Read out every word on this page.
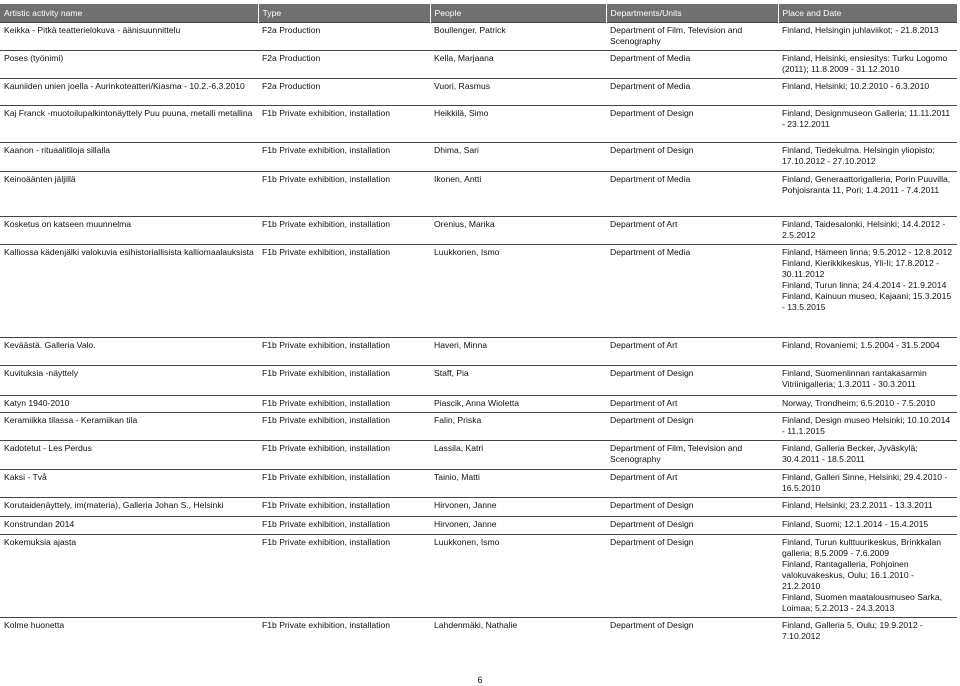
Artistic activity name	Type	People	Departments/Units	Place and Date
Keikka - Pitkä teatterielokuva - äänisuunnittelu	F2a Production	Boullenger, Patrick	Department of Film, Television and Scenography	Finland, Helsingin juhlaviikot; - 21.8.2013
Poses (työnimi)	F2a Production	Kella, Marjaana	Department of Media	Finland, Helsinki, ensiesitys: Turku Logomo (2011); 11.8.2009 - 31.12.2010
Kauniiden unien joella - Aurinkoteatteri/Kiasma - 10.2.-6.3.2010	F2a Production	Vuori, Rasmus	Department of Media	Finland, Helsinki; 10.2.2010 - 6.3.2010
Kaj Franck -muotoilupalkintonäyttely Puu puuna, metalli metallina	F1b Private exhibition, installation	Heikkilä, Simo	Department of Design	Finland, Designmuseon Galleria; 11.11.2011 - 23.12.2011
Kaanon - rituaalitiloja sillalla	F1b Private exhibition, installation	Dhima, Sari	Department of Design	Finland, Tiedekulma. Helsingin yliopisto; 17.10.2012 - 27.10.2012
Keinoäänten jäljillä	F1b Private exhibition, installation	Ikonen, Antti	Department of Media	Finland, Generaattorigalleria, Porin Puuvilla, Pohjoisranta 11, Pori; 1.4.2011 - 7.4.2011
Kosketus on katseen muunnelma	F1b Private exhibition, installation	Orenius, Marika	Department of Art	Finland, Taidesalonki, Helsinki; 14.4.2012 - 2.5.2012
Kalliossa kädenjälki valokuvia esihistoriallisista kalliomaalauksista	F1b Private exhibition, installation	Luukkonen, Ismo	Department of Media	Finland, Hämeen linna; 9.5.2012 - 12.8.2012
Finland, Kierikkikeskus, Yli-Ii; 17.8.2012 - 30.11.2012
Finland, Turun linna; 24.4.2014 - 21.9.2014
Finland, Kainuun museo, Kajaani; 15.3.2015 - 13.5.2015
Keväästä. Galleria Valo.	F1b Private exhibition, installation	Haveri, Minna	Department of Art	Finland, Rovaniemi; 1.5.2004 - 31.5.2004
Kuvituksia -näyttely	F1b Private exhibition, installation	Staff, Pia	Department of Design	Finland, Suomenlinnan rantakasarmin Vitriinigalleria; 1.3.2011 - 30.3.2011
Katyn 1940-2010	F1b Private exhibition, installation	Piascik, Anna Wioletta	Department of Art	Norway, Trondheim; 6.5.2010 - 7.5.2010
Keramiikka tilassa - Keramiikan tila	F1b Private exhibition, installation	Falin, Priska	Department of Design	Finland, Design museo Helsinki; 10.10.2014 - 11.1.2015
Kadotetut - Les Perdus	F1b Private exhibition, installation	Lassila, Katri	Department of Film, Television and Scenography	Finland, Galleria Becker, Jyväskylä; 30.4.2011 - 18.5.2011
Kaksi - Två	F1b Private exhibition, installation	Tainio, Matti	Department of Art	Finland, Galleri Sinne, Helsinki; 29.4.2010 - 16.5.2010
Korutaidenäyttely, im(materia), Galleria Johan S., Helsinki	F1b Private exhibition, installation	Hirvonen, Janne	Department of Design	Finland, Helsinki; 23.2.2011 - 13.3.2011
Konstrundan 2014	F1b Private exhibition, installation	Hirvonen, Janne	Department of Design	Finland, Suomi; 12.1.2014 - 15.4.2015
Kokemuksia ajasta	F1b Private exhibition, installation	Luukkonen, Ismo	Department of Design	Finland, Turun kulttuurikeskus, Brinkkalan galleria; 8.5.2009 - 7.6.2009
Finland, Rantagalleria, Pohjoinen valokuvakeskus, Oulu; 16.1.2010 - 21.2.2010
Finland, Suomen maatalousmuseo Sarka, Loimaa; 5.2.2013 - 24.3.2013
Kolme huonetta	F1b Private exhibition, installation	Lahdenmäki, Nathalie	Department of Design	Finland, Galleria 5, Oulu; 19.9.2012 - 7.10.2012
6
